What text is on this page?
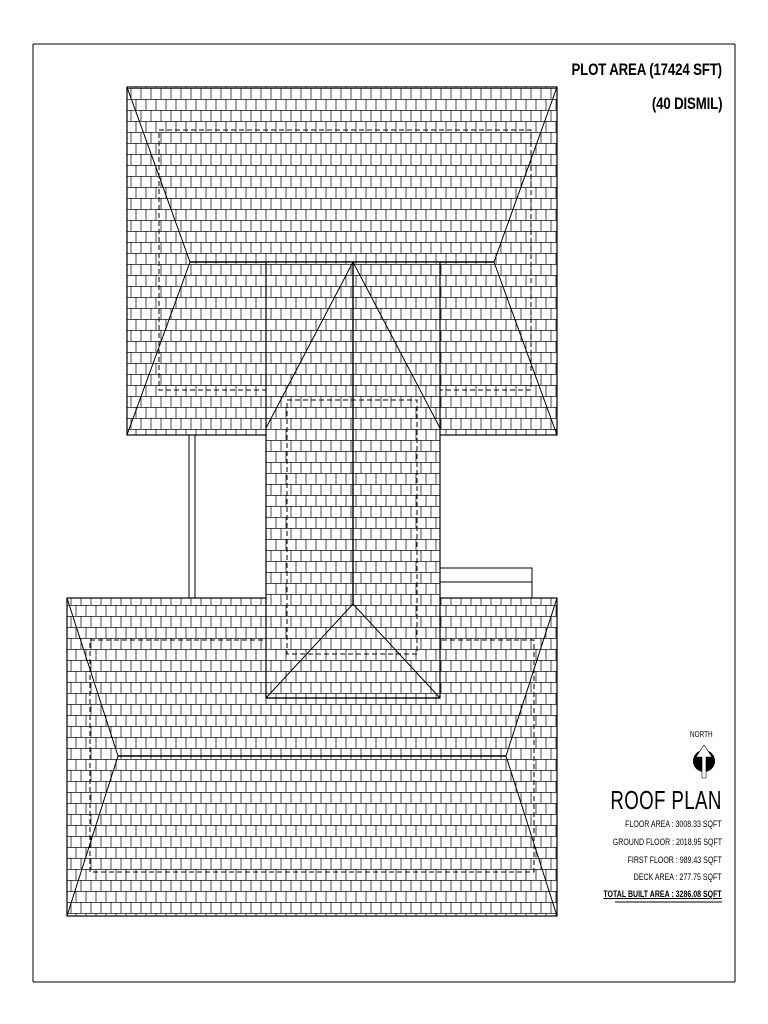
PLOT AREA (17424 SFT)
(40 DISMIL)
NORTH
ROOF PLAN
FLOOR AREA : 3008.33 SQFT
GROUND FLOOR : 2018.95 SQFT
FIRST FLOOR : 989.43 SQFT
DECK AREA : 277.75 SQFT
TOTAL BUILT AREA : 3286.08 SQFT
